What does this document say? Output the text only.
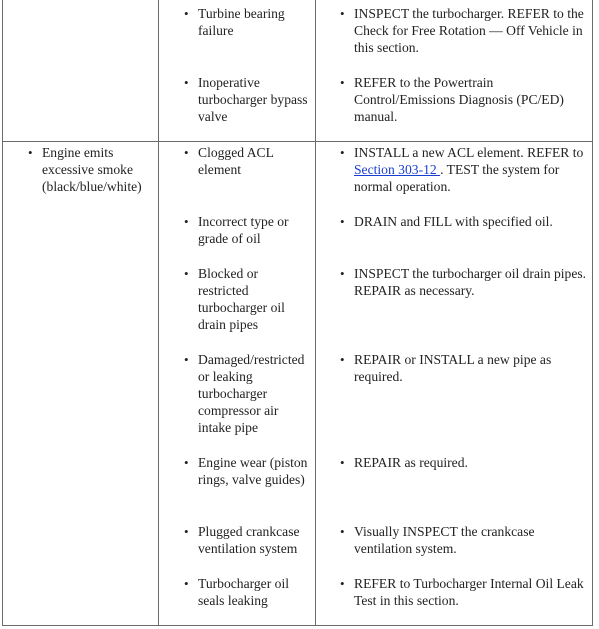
• Turbine bearing failure
• Inoperative turbocharger bypass valve
• INSPECT the turbocharger. REFER to the Check for Free Rotation — Off Vehicle in this section.
• REFER to the Powertrain Control/Emissions Diagnosis (PC/ED) manual.
• Engine emits excessive smoke (black/blue/white)
• Clogged ACL element
• Incorrect type or grade of oil
• Blocked or restricted turbocharger oil drain pipes
• Damaged/restricted or leaking turbocharger compressor air intake pipe
• Engine wear (piston rings, valve guides)
• Plugged crankcase ventilation system
• Turbocharger oil seals leaking
• INSTALL a new ACL element. REFER to Section 303-12 . TEST the system for normal operation.
• DRAIN and FILL with specified oil.
• INSPECT the turbocharger oil drain pipes. REPAIR as necessary.
• REPAIR or INSTALL a new pipe as required.
• REPAIR as required.
• Visually INSPECT the crankcase ventilation system.
• REFER to Turbocharger Internal Oil Leak Test in this section.
